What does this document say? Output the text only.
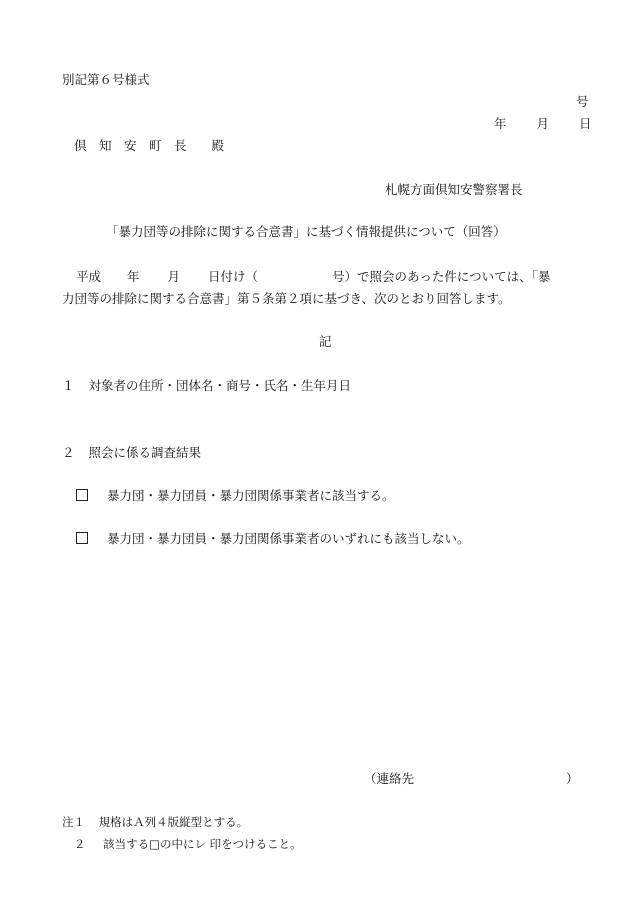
別記第６号様式
号
年 月 日
倶　知　安　町　長　　殿
札幌方面倶知安警察署長
「暴力団等の排除に関する合意書」に基づく情報提供について（回答）
平成 年 月 日付け（	号）で照会のあった件については、「暴
力団等の排除に関する合意書」第５条第２項に基づき、次のとおり回答します。
記
１ 対象者の住所・団体名・商号・氏名・生年月日
２ 照会に係る調査結果
暴力団・暴力団員・暴力団関係事業者に該当する。
暴力団・暴力団員・暴力団関係事業者のいずれにも該当しない。
（連絡先	）
注１ 規格はＡ列４版縦型とする。
２ 該当する□の中にレ 印をつけること。
